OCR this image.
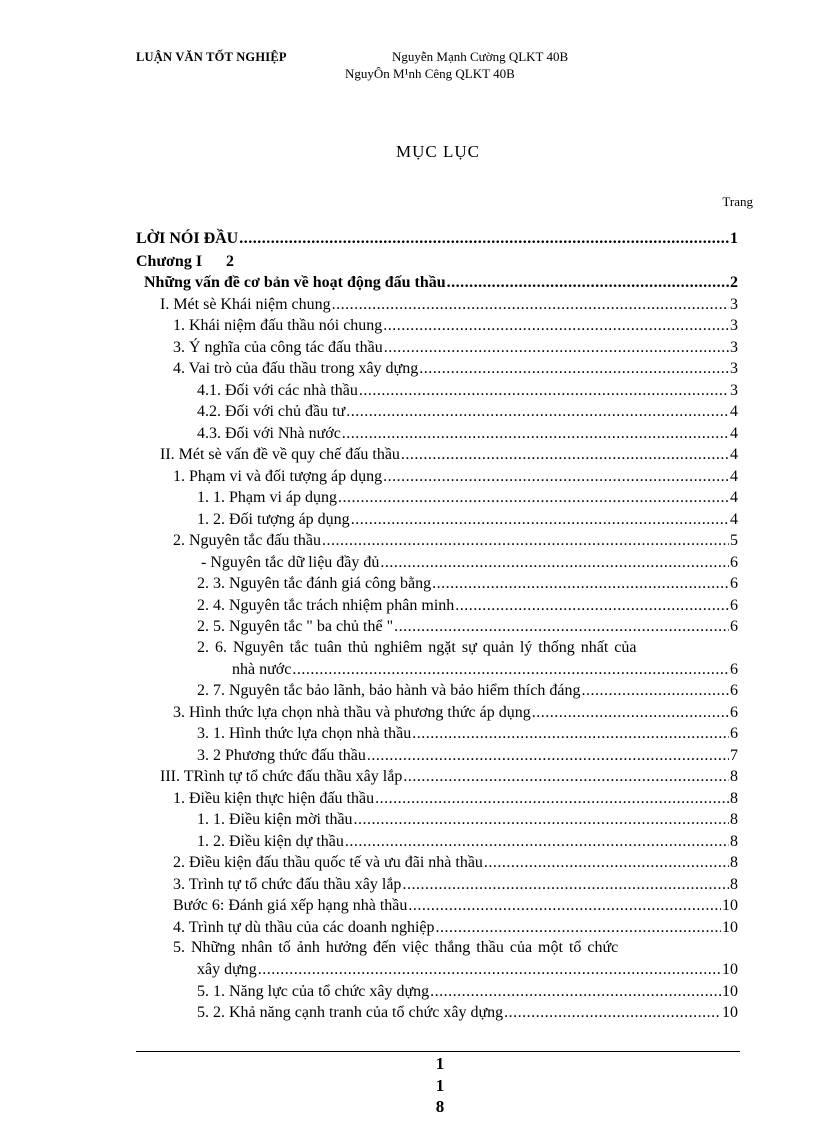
LUẬN VĂN TỐT NGHIỆP	Nguyễn Mạnh Cường QLKT 40B
NguyÔn M¹nh Cêng QLKT 40B
MỤC LỤC
Trang
LỜI NÓI ĐẦU .....	1
Chương I      2
Những vấn đề cơ bản về hoạt động đấu thầu .....	2
I. Mét sè Khái niệm chung .....	3
1. Khái niệm đấu thầu nói chung .....	3
3. Ý nghĩa của công tác đấu thầu .....	3
4. Vai trò của đấu thầu trong xây dựng .....	3
4.1. Đối với các nhà thầu .....	3
4.2. Đối với chủ đầu tư .....	4
4.3. Đối với Nhà nước .....	4
II. Mét sè vấn đề về quy chế đấu thầu .....	4
1. Phạm vi và đối tượng áp dụng .....	4
1. 1. Phạm vi áp dụng .....	4
1. 2. Đối tượng áp dụng .....	4
2. Nguyên tắc đấu thầu .....	5
- Nguyên tắc dữ liệu đầy đủ .....	6
2. 3. Nguyên tắc đánh giá công bằng .....	6
2. 4. Nguyên tắc trách nhiệm phân minh .....	6
2. 5. Nguyên tắc " ba chủ thể " .....	6
2. 6. Nguyên tắc tuân thủ nghiêm ngặt sự quản lý thống nhất của
nhà nước .....	6
2. 7. Nguyên tắc bảo lãnh, bảo hành và bảo hiểm thích đáng .....	6
3. Hình thức lựa chọn nhà thầu và phương thức áp dụng .....	6
3. 1. Hình thức lựa chọn nhà thầu .....	6
3. 2 Phương thức đấu thầu .....	7
III. TRình tự tổ chức đấu thầu xây lắp .....	8
1. Điều kiện thực hiện đấu thầu .....	8
1. 1. Điều kiện mời thầu .....	8
1. 2. Điều kiện dự thầu .....	8
2. Điều kiện đấu thầu quốc tế và ưu đãi nhà thầu .....	8
3. Trình tự tổ chức đấu thầu xây lắp .....	8
Bước 6: Đánh giá xếp hạng nhà thầu .....	10
4. Trình tự dù thầu của các doanh nghiệp .....	10
5. Những nhân tố ảnh hưởng đến việc thắng thầu của một tổ chức
xây dựng .....	10
5. 1. Năng lực của tổ chức xây dựng .....	10
5. 2. Khả năng cạnh tranh của tổ chức xây dựng .....	10
1
1
8
